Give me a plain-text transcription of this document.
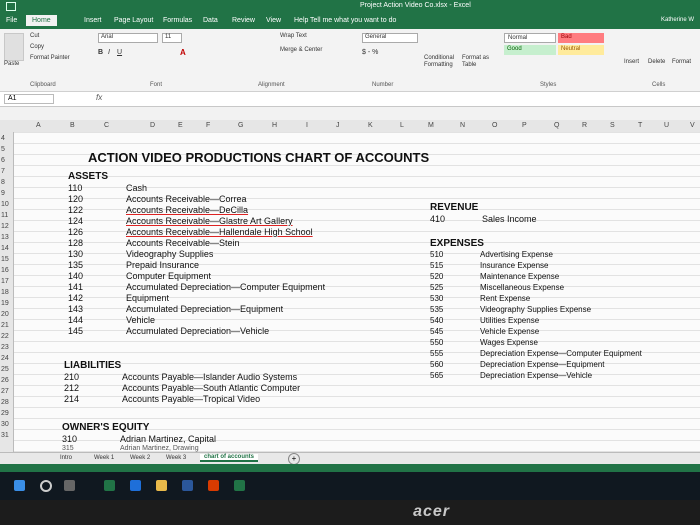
Project Action Video Co.xlsx - Excel
File	Home	Insert Page Layout Formulas Data Review View Help Tell me what you want to do	Katherine W
Paste
Cut
Copy
Format Painter
Clipboard
Arial	11
B I U	A
Font
Wrap Text
Merge & Center
Alignment
General
$ - %
Number
Conditional Formatting
Format as Table
Normal	Bad
Good	Neutral
Styles
Insert Delete Format
Cells
A1	fx
A	B	C	D	E	F	G	H	I	J	K	L	M	N	O	P	Q	R	S	T	U	V
4
5
6
7
8
9
10
11
12
13
14
15
16
17
18
19
20
21
22
23
24
25
26
27
28
29
30
31
ACTION VIDEO PRODUCTIONS CHART OF ACCOUNTS
ASSETS
110	Cash
120	Accounts Receivable—Correa
122	Accounts Receivable—DeCilla
124	Accounts Receivable—Glastre Art Gallery
126	Accounts Receivable—Hallendale High School
128	Accounts Receivable—Stein
130	Videography Supplies
135	Prepaid Insurance
140	Computer Equipment
141	Accumulated Depreciation—Computer Equipment
142	Equipment
143	Accumulated Depreciation—Equipment
144	Vehicle
145	Accumulated Depreciation—Vehicle
LIABILITIES
210	Accounts Payable—Islander Audio Systems
212	Accounts Payable—South Atlantic Computer
214	Accounts Payable—Tropical Video
OWNER'S EQUITY
310	Adrian Martinez, Capital
315	Adrian Martinez, Drawing
REVENUE
410	Sales Income
EXPENSES
510	Advertising Expense
515	Insurance Expense
520	Maintenance Expense
525	Miscellaneous Expense
530	Rent Expense
535	Videography Supplies Expense
540	Utilities Expense
545	Vehicle Expense
550	Wages Expense
555	Depreciation Expense—Computer Equipment
560	Depreciation Expense—Equipment
565	Depreciation Expense—Vehicle
Intro	Week 1	Week 2	Week 3	chart of accounts	+
acer
